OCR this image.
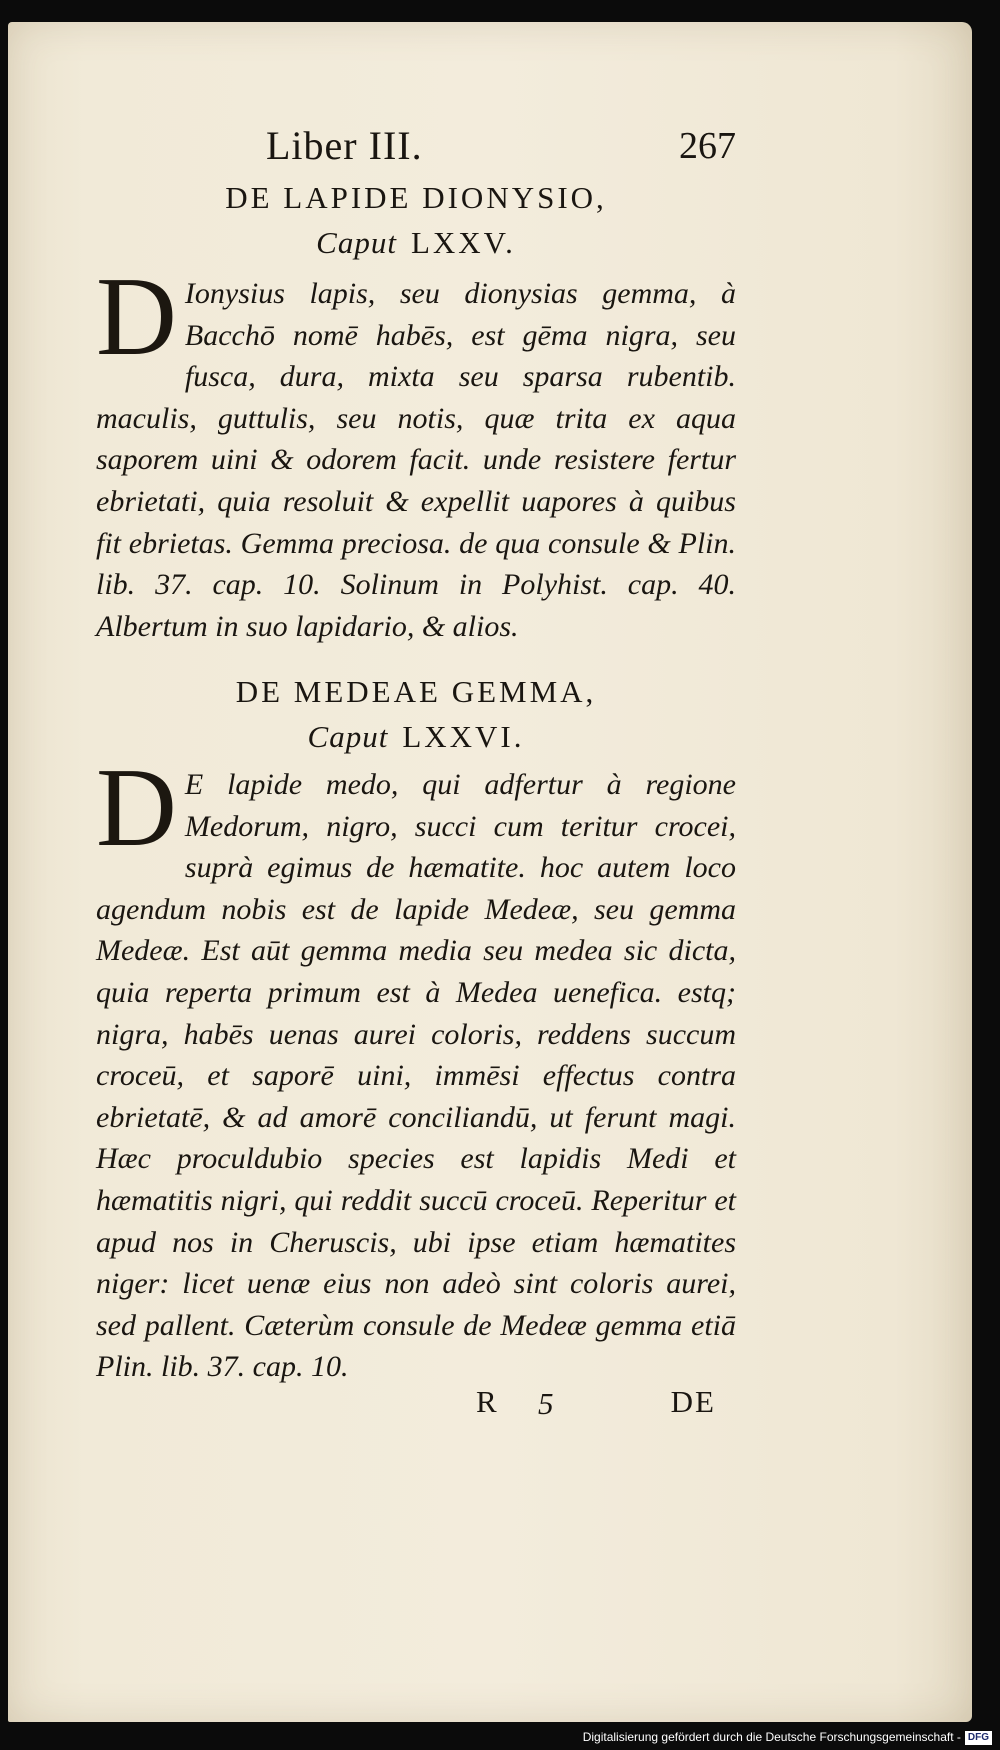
Liber III.	267
DE LAPIDE DIONYSIO,
Caput LXXV.

D Ionysius lapis, seu dionysias gemma, à Bacchō nomē habēs, est gēma nigra, seu fusca, dura, mixta seu sparsa rubentib. maculis, guttulis, seu notis, quæ trita ex aqua saporem uini & odorem facit. unde resistere fertur ebrietati, quia resoluit & expellit uapores à quibus fit ebrietas. Gemma preciosa. de qua consule & Plin. lib. 37. cap. 10. Solinum in Polyhist. cap. 40. Albertum in suo lapidario, & alios.

DE MEDEAE GEMMA,
Caput LXXVI.

D E lapide medo, qui adfertur à regione Medorum, nigro, succi cum teritur crocei, suprà egimus de hæmatite. hoc autem loco agendum nobis est de lapide Medeæ, seu gemma Medeæ. Est aūt gemma media seu medea sic dicta, quia reperta primum est à Medea uenefica. estq; nigra, habēs uenas aurei coloris, reddens succum croceū, et saporē uini, immēsi effectus contra ebrietatē, & ad amorē conciliandū, ut ferunt magi. Hæc proculdubio species est lapidis Medi et hæmatitis nigri, qui reddit succū croceū. Reperitur et apud nos in Cheruscis, ubi ipse etiam hæmatites niger: licet uenæ eius non adeò sint coloris aurei, sed pallent. Cæterùm consule de Medeæ gemma etiā Plin. lib. 37. cap. 10.

R 5	DE
Digitalisierung gefördert durch die Deutsche Forschungsgemeinschaft - DFG
